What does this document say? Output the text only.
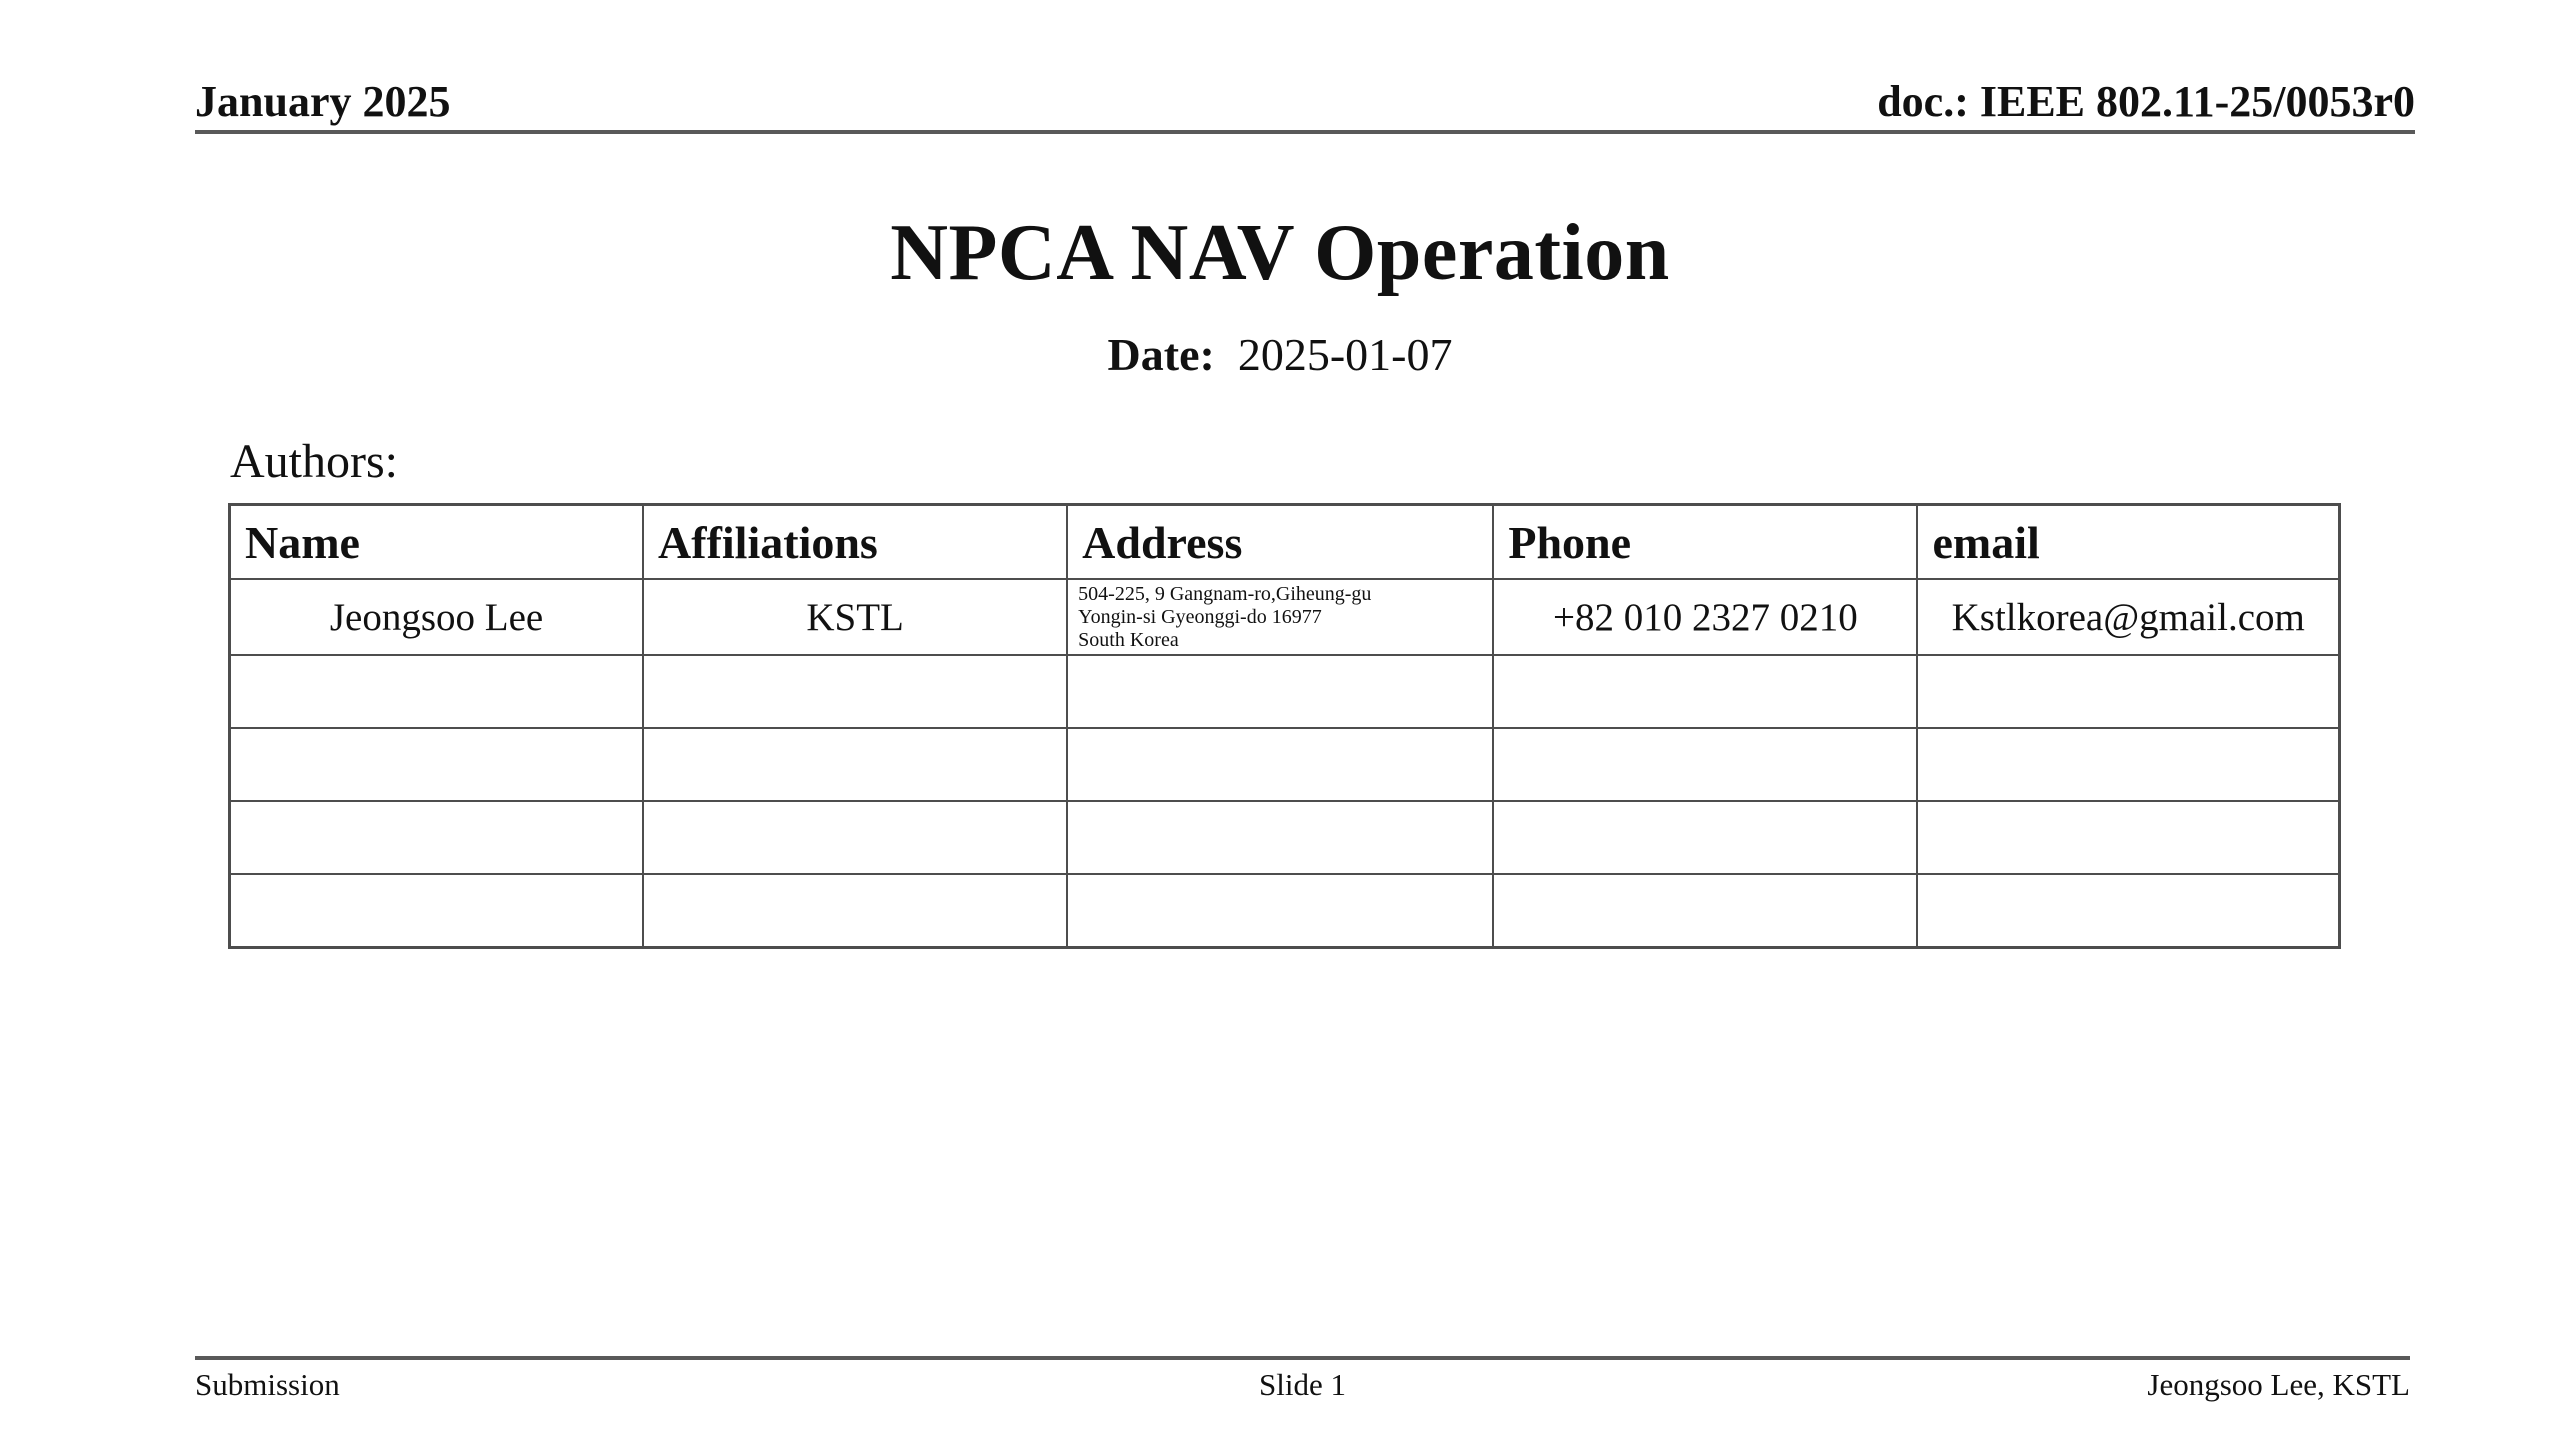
January 2025	doc.: IEEE 802.11-25/0053r0
NPCA NAV Operation
Date: 2025-01-07
Authors:
Name	Affiliations	Address	Phone	email
Jeongsoo Lee	KSTL	504-225, 9 Gangnam-ro,Giheung-gu
Yongin-si Gyeonggi-do 16977
South Korea	+82 010 2327 0210	Kstlkorea@gmail.com

Submission	Slide 1	Jeongsoo Lee, KSTL
